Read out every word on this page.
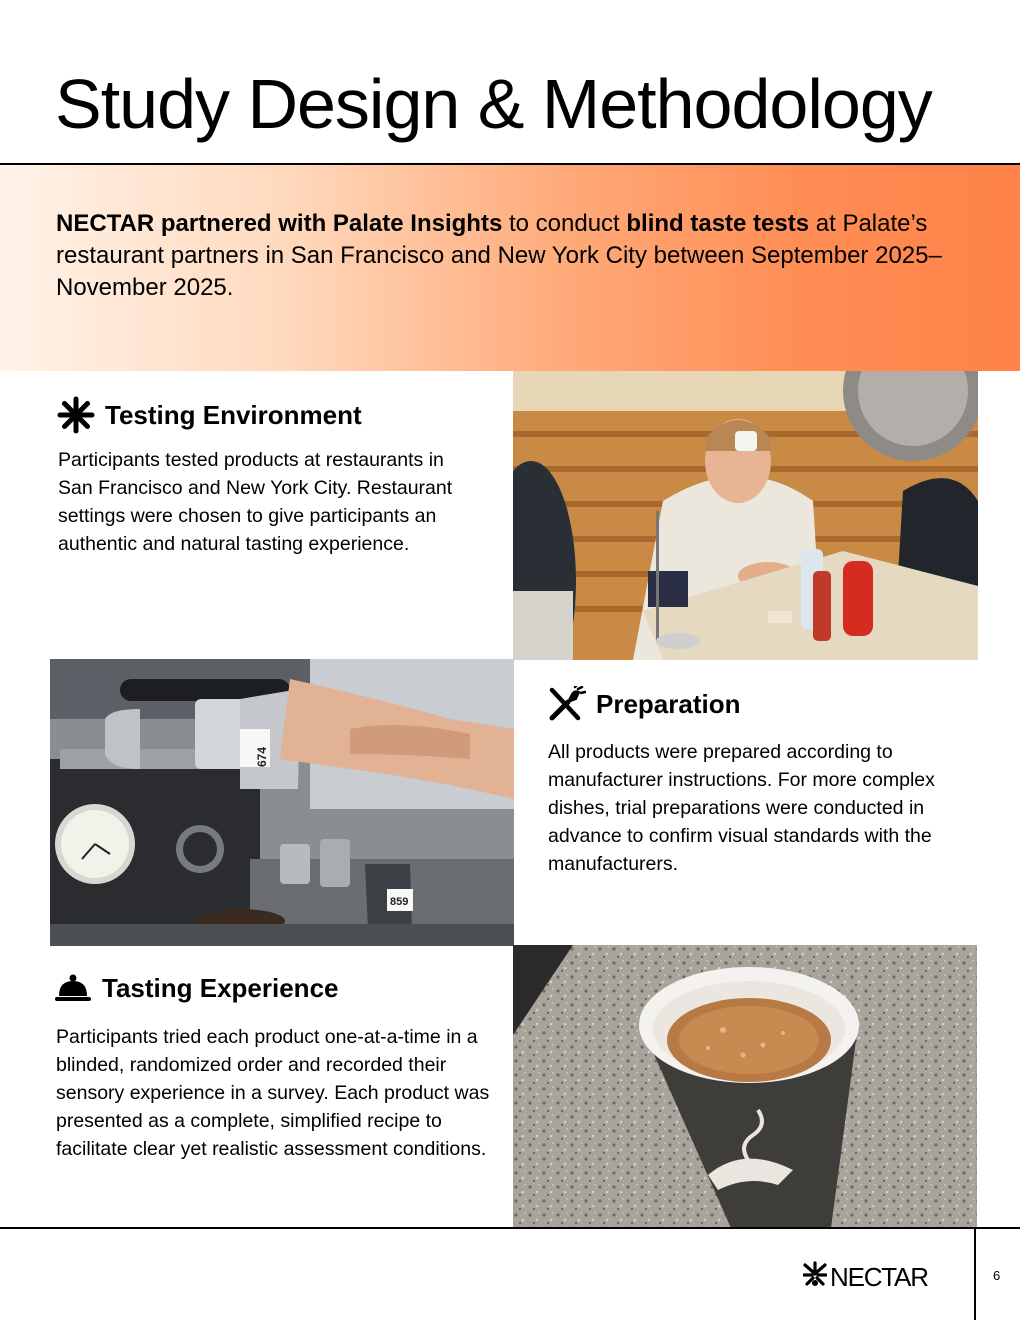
Study Design & Methodology

NECTAR partnered with Palate Insights to conduct blind taste tests at Palate’s restaurant partners in San Francisco and New York City between September 2025–November 2025.

Testing Environment

Participants tested products at restaurants in San Francisco and New York City. Restaurant settings were chosen to give participants an authentic and natural tasting experience.

674
859
Preparation

All products were prepared according to manufacturer instructions. For more complex dishes, trial preparations were conducted in advance to confirm visual standards with the manufacturers.

Tasting Experience

Participants tried each product one-at-a-time in a blinded, randomized order and recorded their sensory experience in a survey. Each product was presented as a complete, simplified recipe to facilitate clear yet realistic assessment conditions.

NECTAR	6
